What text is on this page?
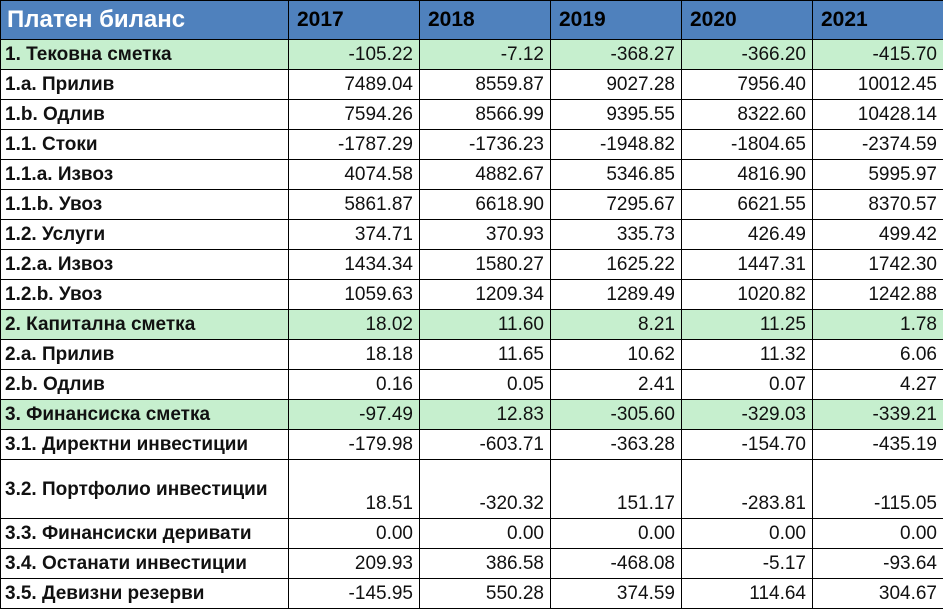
Платен биланс	2017	2018	2019	2020	2021
1. Тековна сметка	-105.22	-7.12	-368.27	-366.20	-415.70
1.a. Прилив	7489.04	8559.87	9027.28	7956.40	10012.45
1.b. Одлив	7594.26	8566.99	9395.55	8322.60	10428.14
1.1. Стоки	-1787.29	-1736.23	-1948.82	-1804.65	-2374.59
1.1.a. Извоз	4074.58	4882.67	5346.85	4816.90	5995.97
1.1.b. Увоз	5861.87	6618.90	7295.67	6621.55	8370.57
1.2. Услуги	374.71	370.93	335.73	426.49	499.42
1.2.a. Извоз	1434.34	1580.27	1625.22	1447.31	1742.30
1.2.b. Увоз	1059.63	1209.34	1289.49	1020.82	1242.88
2. Капитална сметка	18.02	11.60	8.21	11.25	1.78
2.a. Прилив	18.18	11.65	10.62	11.32	6.06
2.b. Одлив	0.16	0.05	2.41	0.07	4.27
3. Финансиска сметка	-97.49	12.83	-305.60	-329.03	-339.21
3.1. Директни инвестиции	-179.98	-603.71	-363.28	-154.70	-435.19
3.2. Портфолио инвестиции	18.51	-320.32	151.17	-283.81	-115.05
3.3. Финансиски деривати	0.00	0.00	0.00	0.00	0.00
3.4. Останати инвестиции	209.93	386.58	-468.08	-5.17	-93.64
3.5. Девизни резерви	-145.95	550.28	374.59	114.64	304.67
